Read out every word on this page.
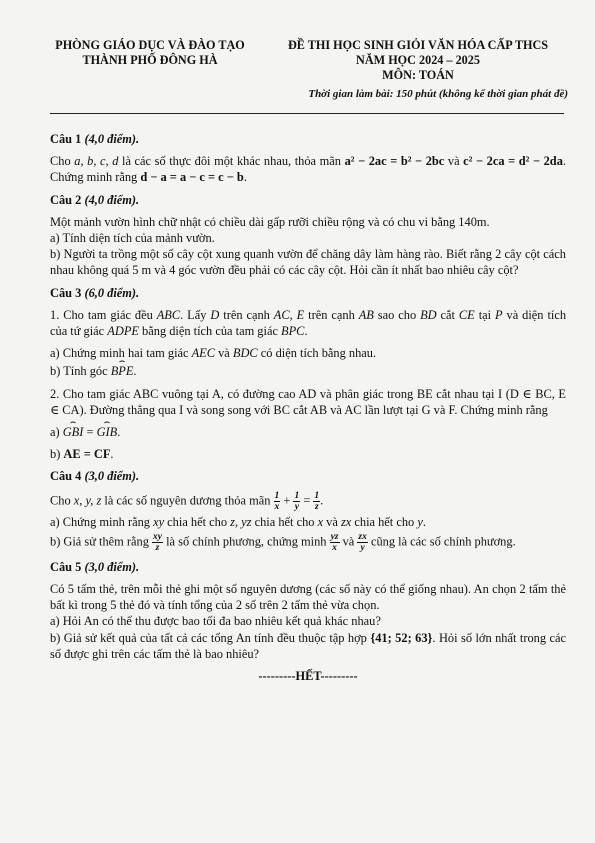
PHÒNG GIÁO DỤC VÀ ĐÀO TẠO
THÀNH PHỐ ĐÔNG HÀ
ĐỀ THI HỌC SINH GIỎI VĂN HÓA CẤP THCS
NĂM HỌC 2024 – 2025
MÔN: TOÁN
Thời gian làm bài: 150 phút (không kể thời gian phát đề)
Câu 1 (4,0 điểm).
Cho a, b, c, d là các số thực đôi một khác nhau, thỏa mãn a² − 2ac = b² − 2bc và c² − 2ca = d² − 2da. Chứng minh rằng d − a = a − c = c − b.
Câu 2 (4,0 điểm).
Một mảnh vườn hình chữ nhật có chiều dài gấp rưỡi chiều rộng và có chu vi bằng 140m.
a) Tính diện tích của mảnh vườn.
b) Người ta trồng một số cây cột xung quanh vườn để chăng dây làm hàng rào. Biết rằng 2 cây cột cách nhau không quá 5 m và 4 góc vườn đều phải có các cây cột. Hỏi cần ít nhất bao nhiêu cây cột?
Câu 3 (6,0 điểm).
1. Cho tam giác đều ABC. Lấy D trên cạnh AC, E trên cạnh AB sao cho BD cắt CE tại P và diện tích của tứ giác ADPE bằng diện tích của tam giác BPC.
a) Chứng minh hai tam giác AEC và BDC có diện tích bằng nhau.
b) Tính góc ⌢ BPE.
2. Cho tam giác ABC vuông tại A, có đường cao AD và phân giác trong BE cắt nhau tại I (D ∈ BC, E ∈ CA). Đường thẳng qua I và song song với BC cắt AB và AC lần lượt tại G và F. Chứng minh rằng
a) ⌢ GBI = ⌢ GIB.
b) AE = CF.
Câu 4 (3,0 điểm).
Cho x, y, z là các số nguyên dương thỏa mãn $\frac{1}{x} + \frac{1}{y} = \frac{1}{z}$ .
a) Chứng minh rằng xy chia hết cho z, yz chia hết cho x và zx chia hết cho y.
b) Giả sử thêm rằng $\frac{xy}{z}$ là số chính phương, chứng minh $\frac{yz}{x}$ và $\frac{zx}{y}$ cũng là các số chính phương.
Câu 5 (3,0 điểm).
Có 5 tấm thẻ, trên mỗi thẻ ghi một số nguyên dương (các số này có thể giống nhau). An chọn 2 tấm thẻ bất kì trong 5 thẻ đó và tính tổng của 2 số trên 2 tấm thẻ vừa chọn.
a) Hỏi An có thể thu được bao tối đa bao nhiêu kết quả khác nhau?
b) Giả sử kết quả của tất cả các tổng An tính đều thuộc tập hợp {41; 52; 63}. Hỏi số lớn nhất trong các số được ghi trên các tấm thẻ là bao nhiêu?
---------HẾT---------
